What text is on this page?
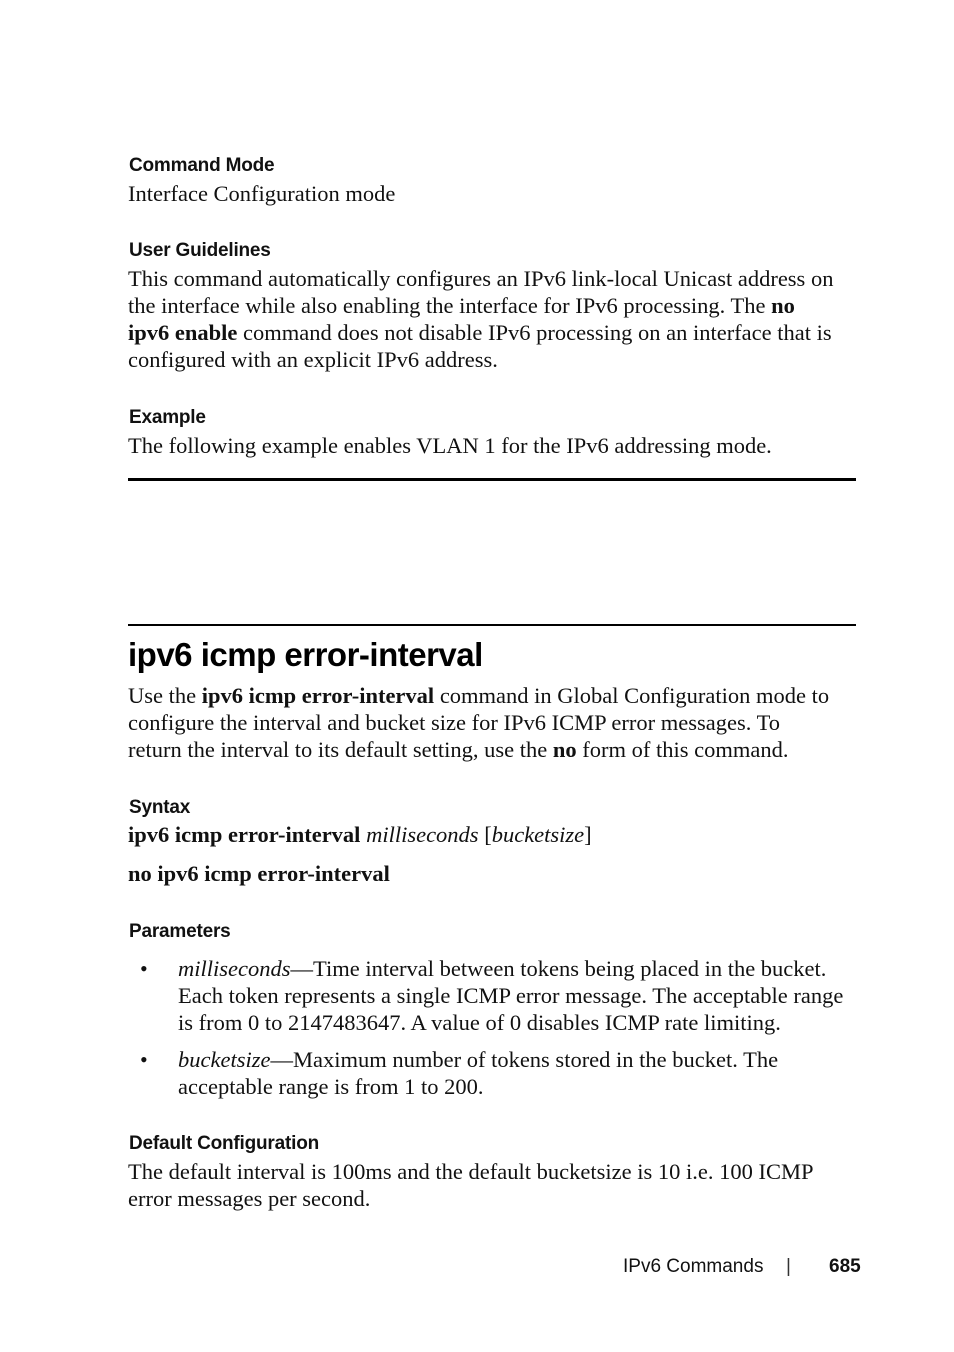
Command Mode
Interface Configuration mode
User Guidelines
This command automatically configures an IPv6 link-local Unicast address on
the interface while also enabling the interface for IPv6 processing. The no
ipv6 enable command does not disable IPv6 processing on an interface that is
configured with an explicit IPv6 address.
Example
The following example enables VLAN 1 for the IPv6 addressing mode.
ipv6 icmp error-interval
Use the ipv6 icmp error-interval command in Global Configuration mode to
configure the interval and bucket size for IPv6 ICMP error messages. To
return the interval to its default setting, use the no form of this command.
Syntax
ipv6 icmp error-interval milliseconds [bucketsize]
no ipv6 icmp error-interval
Parameters
• milliseconds—Time interval between tokens being placed in the bucket.
Each token represents a single ICMP error message. The acceptable range
is from 0 to 2147483647. A value of 0 disables ICMP rate limiting.
• bucketsize—Maximum number of tokens stored in the bucket. The
acceptable range is from 1 to 200.
Default Configuration
The default interval is 100ms and the default bucketsize is 10 i.e. 100 ICMP
error messages per second.
IPv6 Commands | 685
